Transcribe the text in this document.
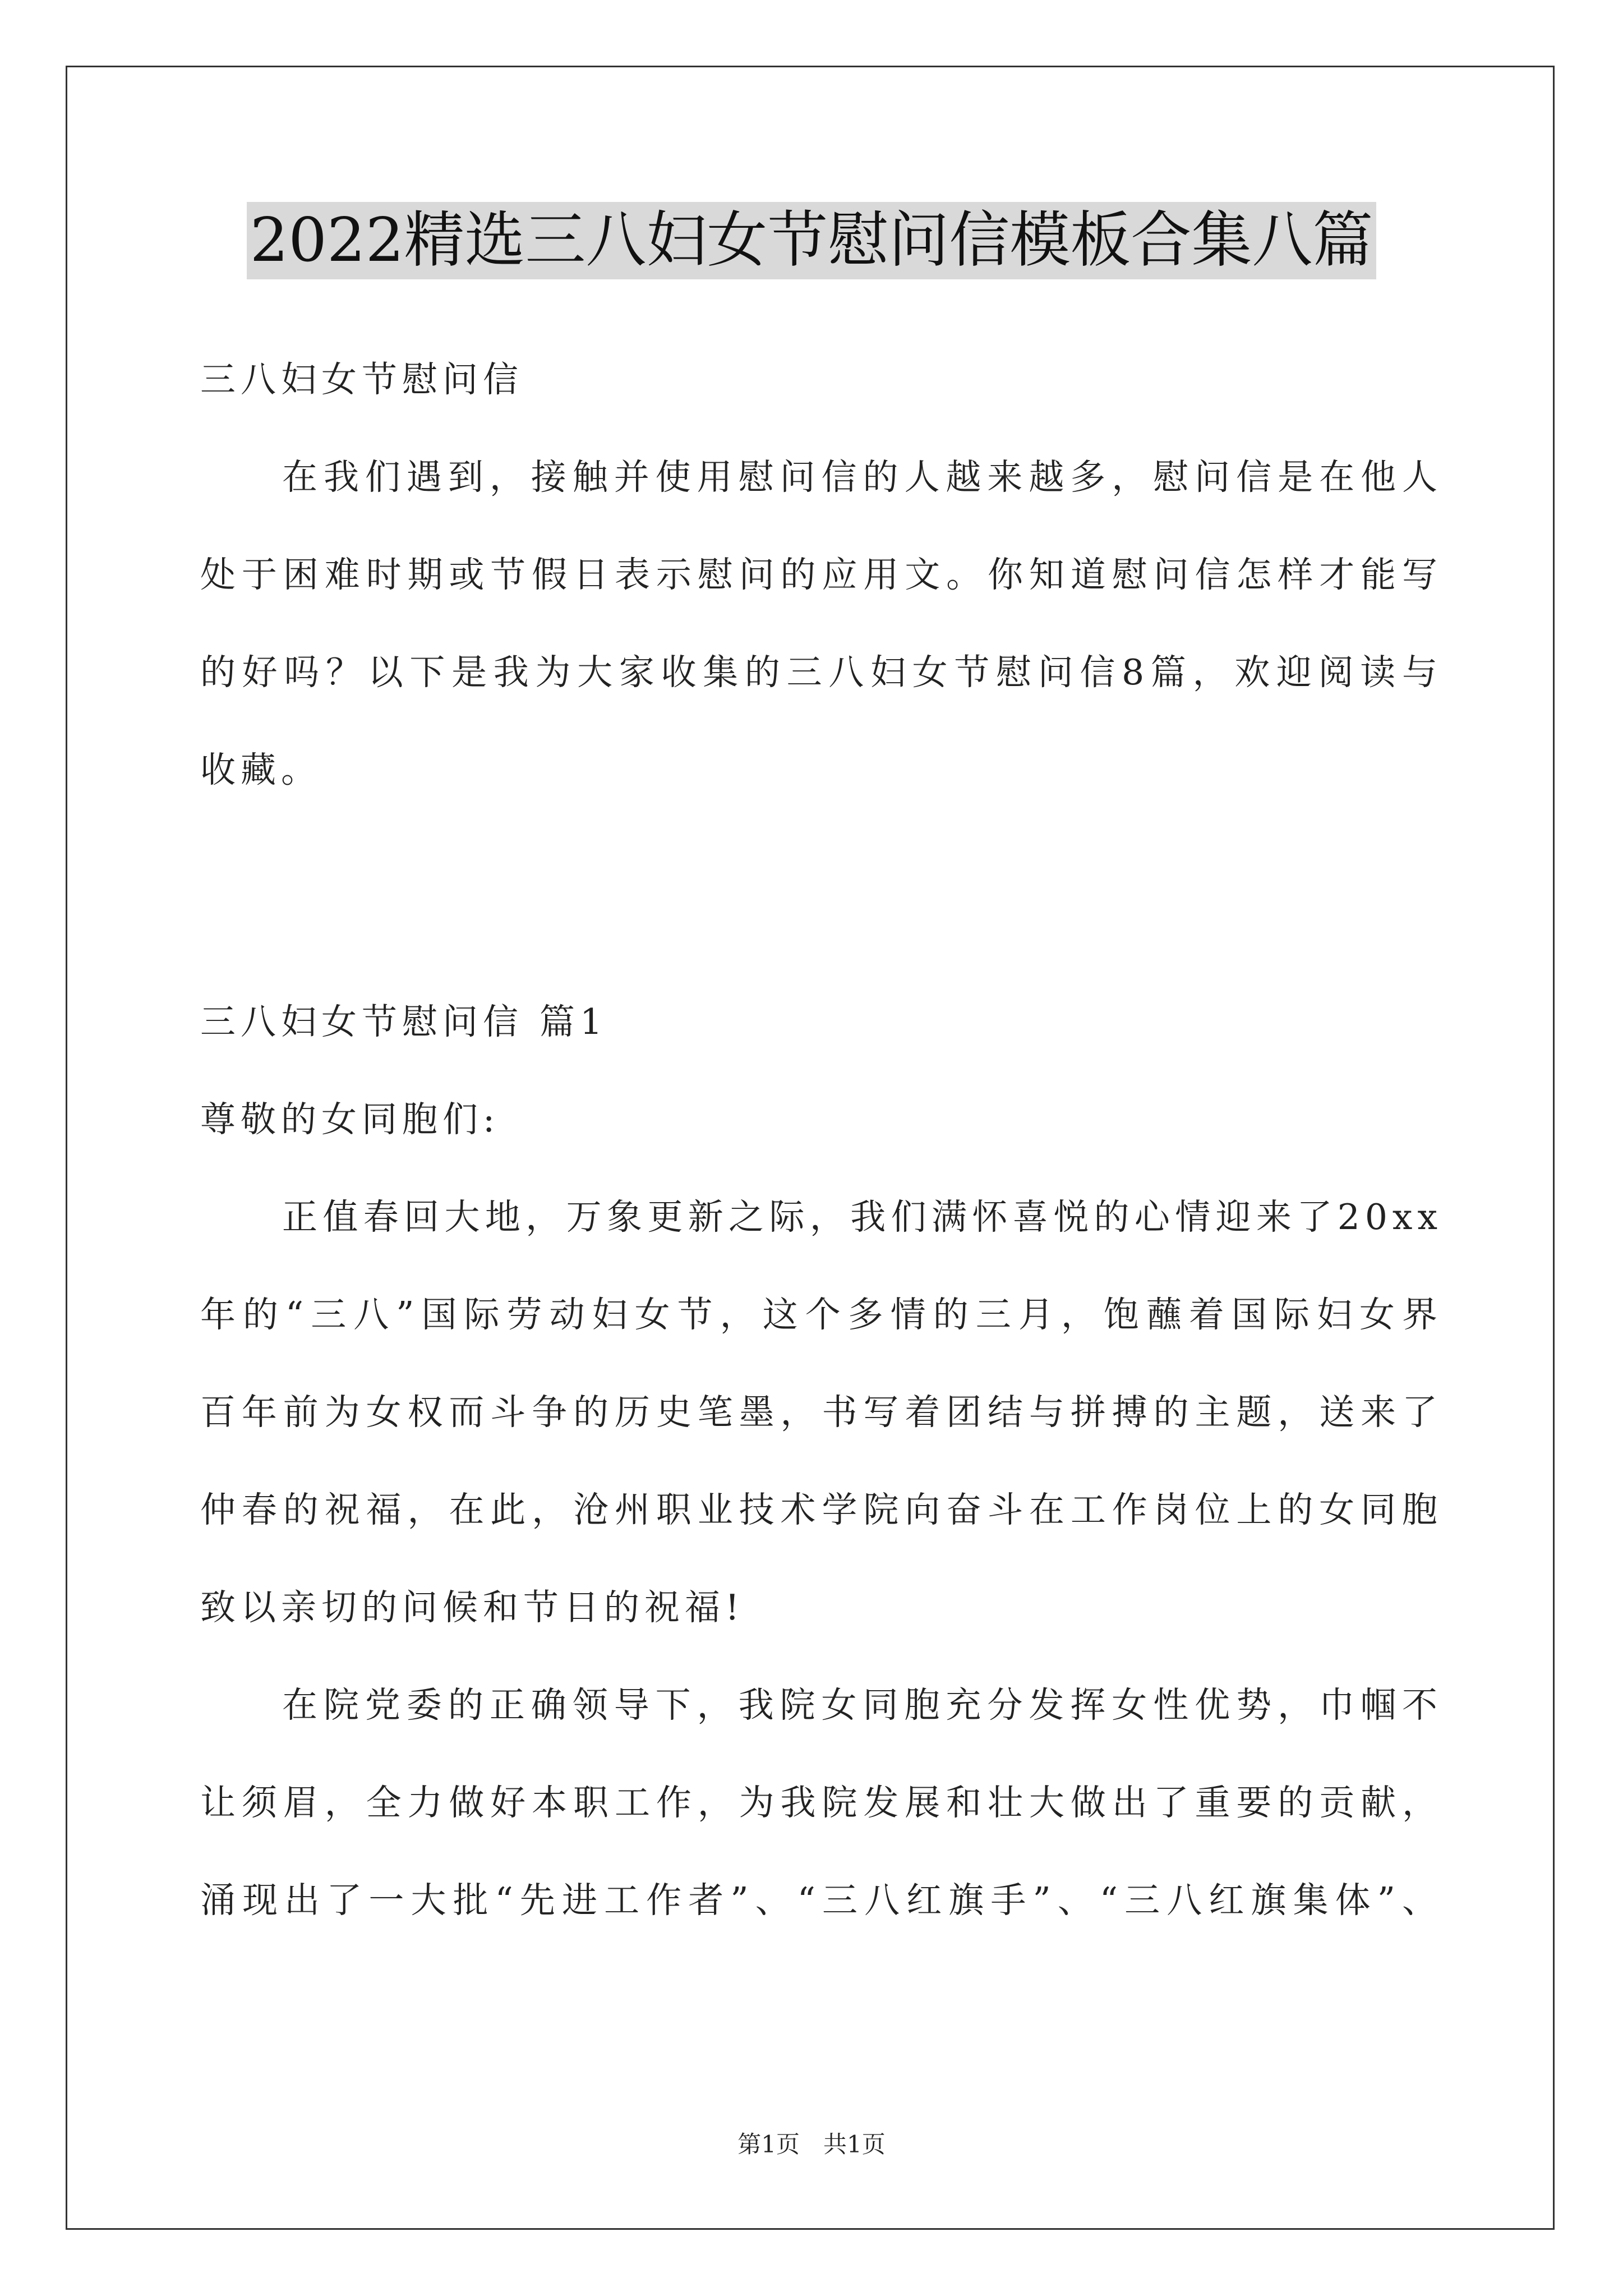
2022精选三八妇女节慰问信模板合集八篇
三八妇女节慰问信
在我们遇到，接触并使用慰问信的人越来越多，慰问信是在他人
处于困难时期或节假日表示慰问的应用文。你知道慰问信怎样才能写
的好吗？以下是我为大家收集的三八妇女节慰问信8篇，欢迎阅读与
收藏。
三八妇女节慰问信 篇1
尊敬的女同胞们:
正值春回大地，万象更新之际，我们满怀喜悦的心情迎来了20xx
年的“三八”国际劳动妇女节，这个多情的三月，饱蘸着国际妇女界
百年前为女权而斗争的历史笔墨，书写着团结与拼搏的主题，送来了
仲春的祝福，在此，沧州职业技术学院向奋斗在工作岗位上的女同胞
致以亲切的问候和节日的祝福!
在院党委的正确领导下，我院女同胞充分发挥女性优势，巾帼不
让须眉，全力做好本职工作，为我院发展和壮大做出了重要的贡献，
涌现出了一大批“先进工作者”、“三八红旗手”、“三八红旗集体”、
第1页　共1页
